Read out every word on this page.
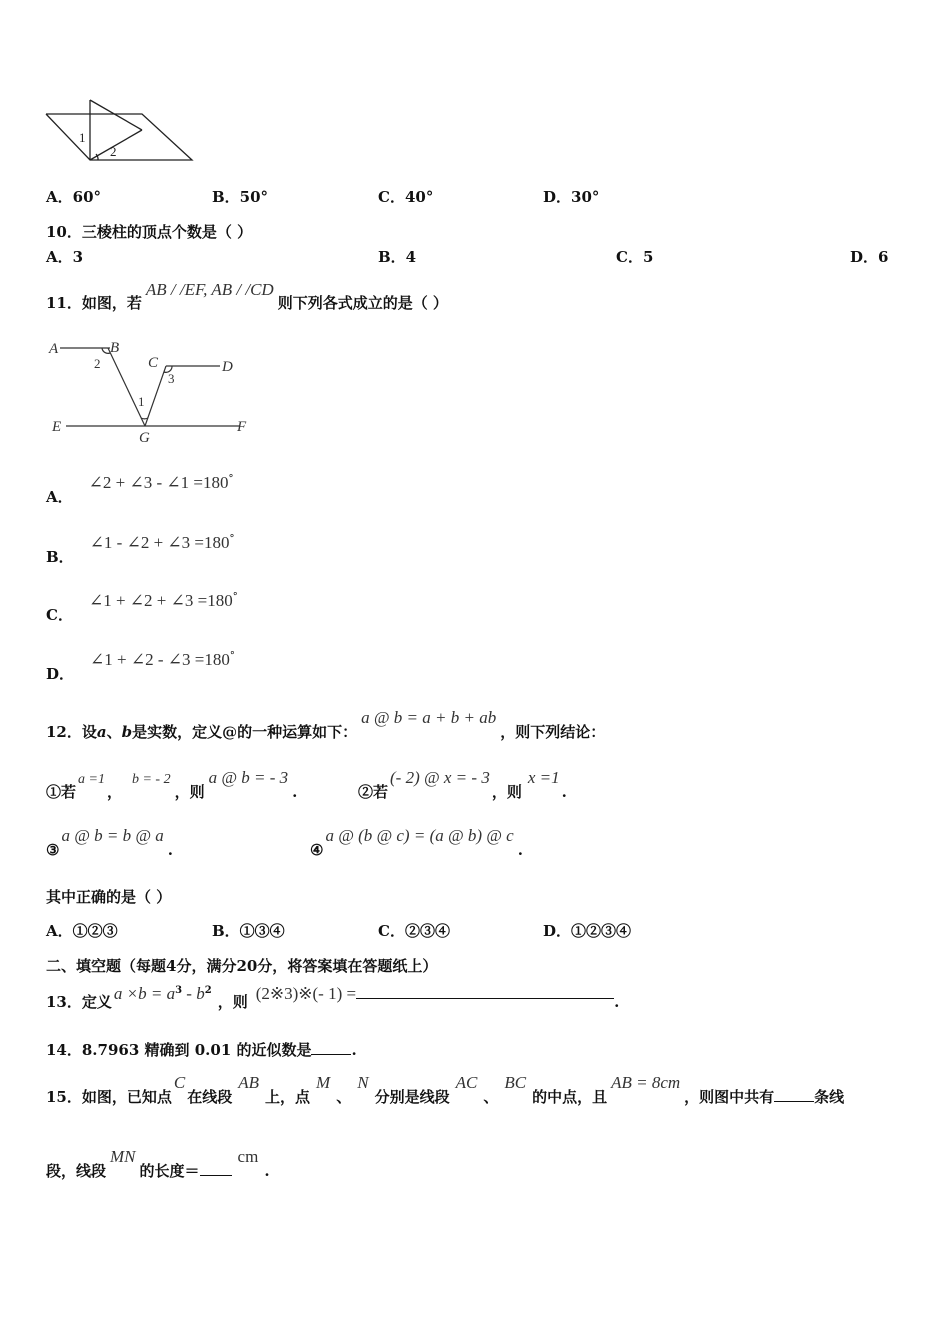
1
2
A．60°	B．50°	C．40°	D．30°
10．三棱柱的顶点个数是（ ）
A．3	B．4	C．5	D．6
11．如图，若AB / /EF, AB / /CD则下列各式成立的是（ ）
A	B
C	D
E	F
G
2
3
1
A．∠2 + ∠3 - ∠1 =180°
B．∠1 - ∠2 + ∠3 =180°
C．∠1 + ∠2 + ∠3 =180°
D．∠1 + ∠2 - ∠3 =180°
12．设a、b是实数，定义@的一种运算如下：a @ b = a + b + ab，则下列结论：
①若a =1，b = - 2，则a @ b = - 3.	②若(- 2) @ x = - 3，则x =1.
③a @ b = b @ a.	④a @ (b @ c) = (a @ b) @ c.
其中正确的是（ ）
A．①②③	B．①③④	C．②③④	D．①②③④
二、填空题（每题4分，满分20分，将答案填在答题纸上）
13．定义 $a \times b = a^3 - b^2$，则 (2※3)※(- 1) =	.
14．8.7963 精确到 0.01 的近似数是	.
15．如图，已知点C在线段AB上，点M、N分别是线段AC、BC的中点，且AB = 8cm，则图中共有	条线
段，线段MN的长度＝cm.
